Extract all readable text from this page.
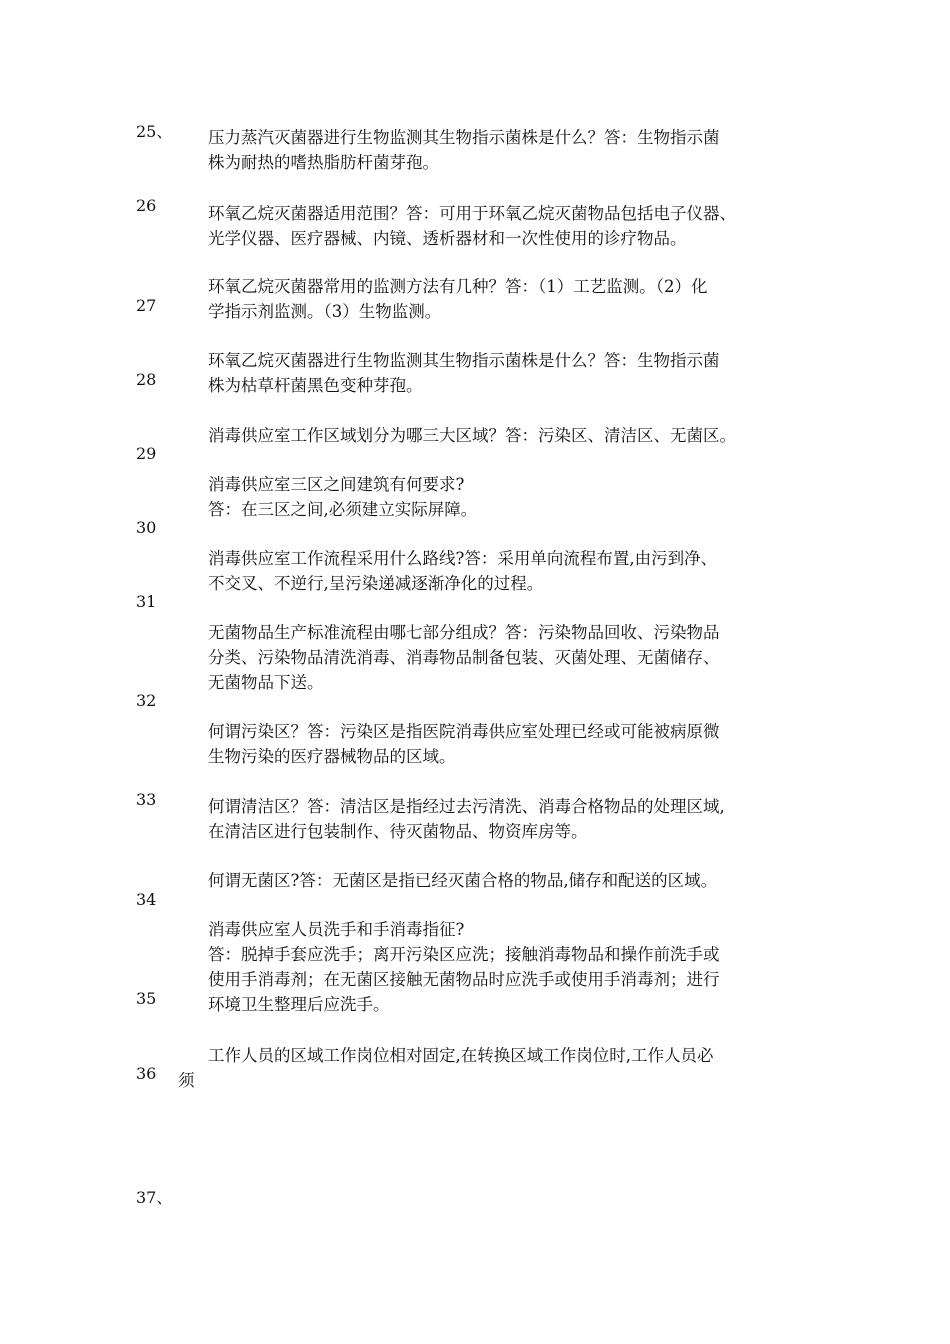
25、
26
27
28
29
30
31
32
33
34
35
36
37、
压力蒸汽灭菌器进行生物监测其生物指示菌株是什么？答：生物指示菌
株为耐热的嗜热脂肪杆菌芽孢。
环氧乙烷灭菌器适用范围？答：可用于环氧乙烷灭菌物品包括电子仪器、
光学仪器、医疗器械、内镜、透析器材和一次性使用的诊疗物品。
环氧乙烷灭菌器常用的监测方法有几种？答：（1）工艺监测。（2）化
学指示剂监测。（3）生物监测。
环氧乙烷灭菌器进行生物监测其生物指示菌株是什么？答：生物指示菌
株为枯草杆菌黑色变种芽孢。
消毒供应室工作区域划分为哪三大区域？答：污染区、清洁区、无菌区。
消毒供应室三区之间建筑有何要求?
答：在三区之间,必须建立实际屏障。
消毒供应室工作流程采用什么路线?答：采用单向流程布置,由污到净、
不交叉、不逆行,呈污染递减逐渐净化的过程。
无菌物品生产标准流程由哪七部分组成？答：污染物品回收、污染物品
分类、污染物品清洗消毒、消毒物品制备包装、灭菌处理、无菌储存、
无菌物品下送。
何谓污染区？答：污染区是指医院消毒供应室处理已经或可能被病原微
生物污染的医疗器械物品的区域。
何谓清洁区？答：清洁区是指经过去污清洗、消毒合格物品的处理区域,
在清洁区进行包装制作、待灭菌物品、物资库房等。
何谓无菌区?答：无菌区是指已经灭菌合格的物品,储存和配送的区域。
消毒供应室人员洗手和手消毒指征?
答：脱掉手套应洗手；离开污染区应洗；接触消毒物品和操作前洗手或
使用手消毒剂；在无菌区接触无菌物品时应洗手或使用手消毒剂；进行
环境卫生整理后应洗手。
工作人员的区域工作岗位相对固定,在转换区域工作岗位时,工作人员必
须
